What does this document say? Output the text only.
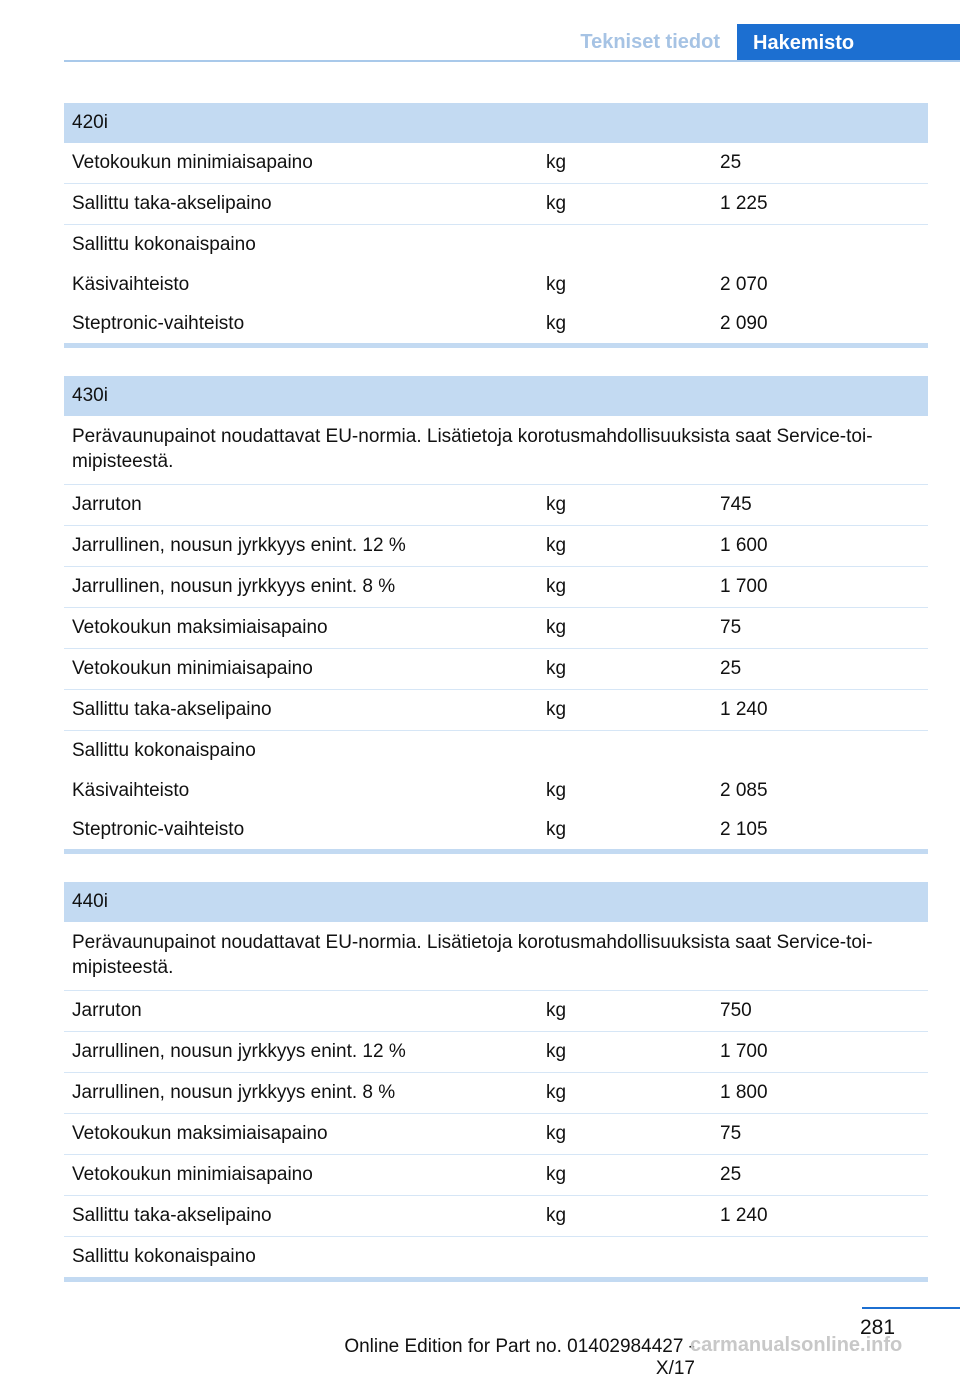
Tekniset tiedot	Hakemisto
420i
Vetokoukun minimiaisapaino	kg	25
Sallittu taka-akselipaino	kg	1 225
Sallittu kokonaispaino
Käsivaihteisto	kg	2 070
Steptronic-vaihteisto	kg	2 090
430i
Perävaunupainot noudattavat EU-normia. Lisätietoja korotusmahdollisuuksista saat Service-toi-mipisteestä.
Jarruton	kg	745
Jarrullinen, nousun jyrkkyys enint. 12 %	kg	1 600
Jarrullinen, nousun jyrkkyys enint. 8 %	kg	1 700
Vetokoukun maksimiaisapaino	kg	75
Vetokoukun minimiaisapaino	kg	25
Sallittu taka-akselipaino	kg	1 240
Sallittu kokonaispaino
Käsivaihteisto	kg	2 085
Steptronic-vaihteisto	kg	2 105
440i
Perävaunupainot noudattavat EU-normia. Lisätietoja korotusmahdollisuuksista saat Service-toi-mipisteestä.
Jarruton	kg	750
Jarrullinen, nousun jyrkkyys enint. 12 %	kg	1 700
Jarrullinen, nousun jyrkkyys enint. 8 %	kg	1 800
Vetokoukun maksimiaisapaino	kg	75
Vetokoukun minimiaisapaino	kg	25
Sallittu taka-akselipaino	kg	1 240
Sallittu kokonaispaino
281
Online Edition for Part no. 01402984427 - X/17
carmanualsonline.info
